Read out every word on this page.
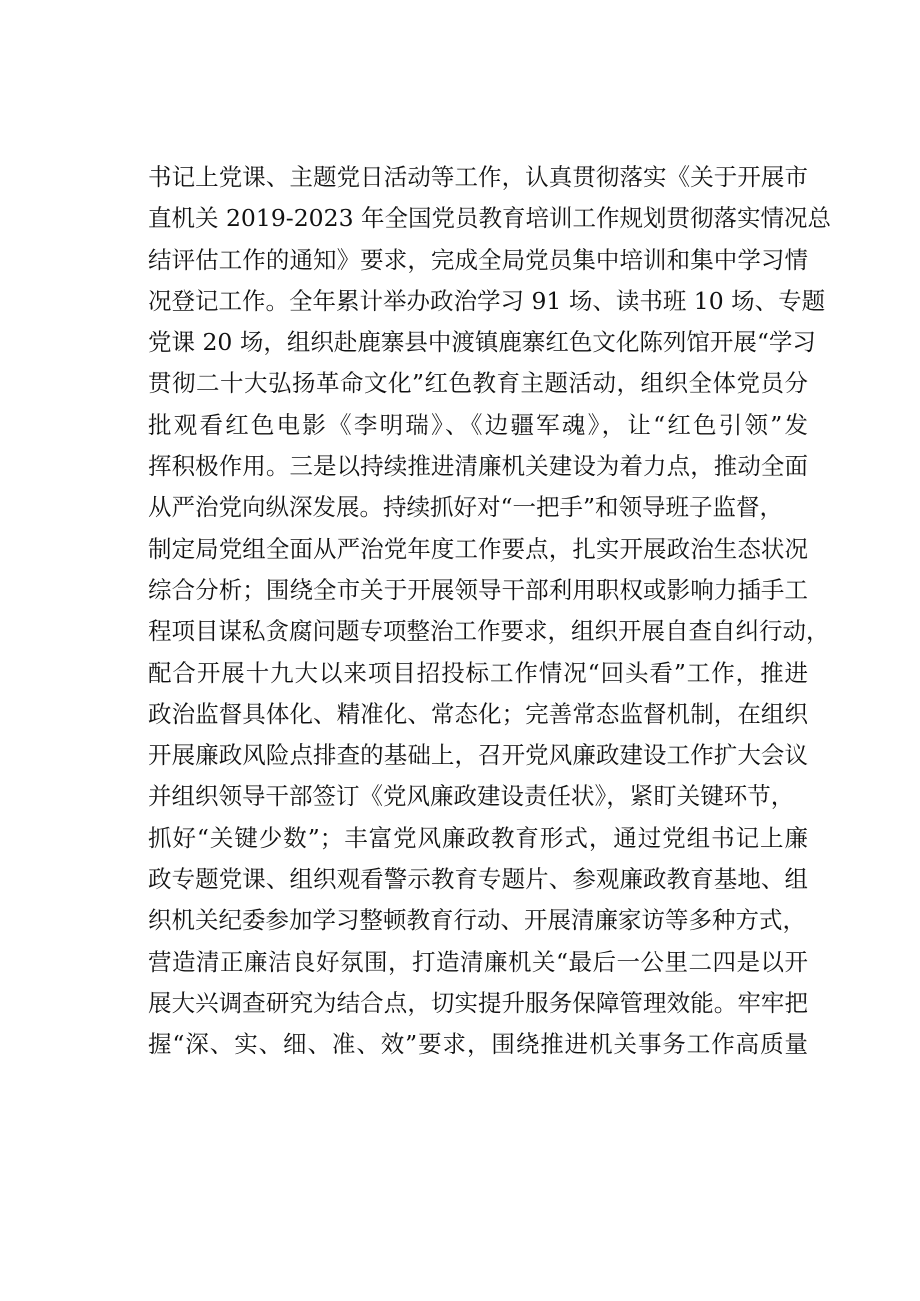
书记上党课、主题党日活动等工作，认真贯彻落实《关于开展市
直机关 2019-2023 年全国党员教育培训工作规划贯彻落实情况总
结评估工作的通知》要求，完成全局党员集中培训和集中学习情
况登记工作。全年累计举办政治学习 91 场、读书班 10 场、专题
党课 20 场，组织赴鹿寨县中渡镇鹿寨红色文化陈列馆开展“学习
贯彻二十大弘扬革命文化”红色教育主题活动，组织全体党员分
批观看红色电影《李明瑞》、《边疆军魂》，让“红色引领”发
挥积极作用。三是以持续推进清廉机关建设为着力点，推动全面
从严治党向纵深发展。持续抓好对“一把手”和领导班子监督，
制定局党组全面从严治党年度工作要点，扎实开展政治生态状况
综合分析；围绕全市关于开展领导干部利用职权或影响力插手工
程项目谋私贪腐问题专项整治工作要求，组织开展自查自纠行动，
配合开展十九大以来项目招投标工作情况“回头看”工作，推进
政治监督具体化、精准化、常态化；完善常态监督机制，在组织
开展廉政风险点排查的基础上，召开党风廉政建设工作扩大会议
并组织领导干部签订《党风廉政建设责任状》，紧盯关键环节，
抓好“关键少数”；丰富党风廉政教育形式，通过党组书记上廉
政专题党课、组织观看警示教育专题片、参观廉政教育基地、组
织机关纪委参加学习整顿教育行动、开展清廉家访等多种方式，
营造清正廉洁良好氛围，打造清廉机关“最后一公里二四是以开
展大兴调查研究为结合点，切实提升服务保障管理效能。牢牢把
握“深、实、细、准、效”要求，围绕推进机关事务工作高质量
